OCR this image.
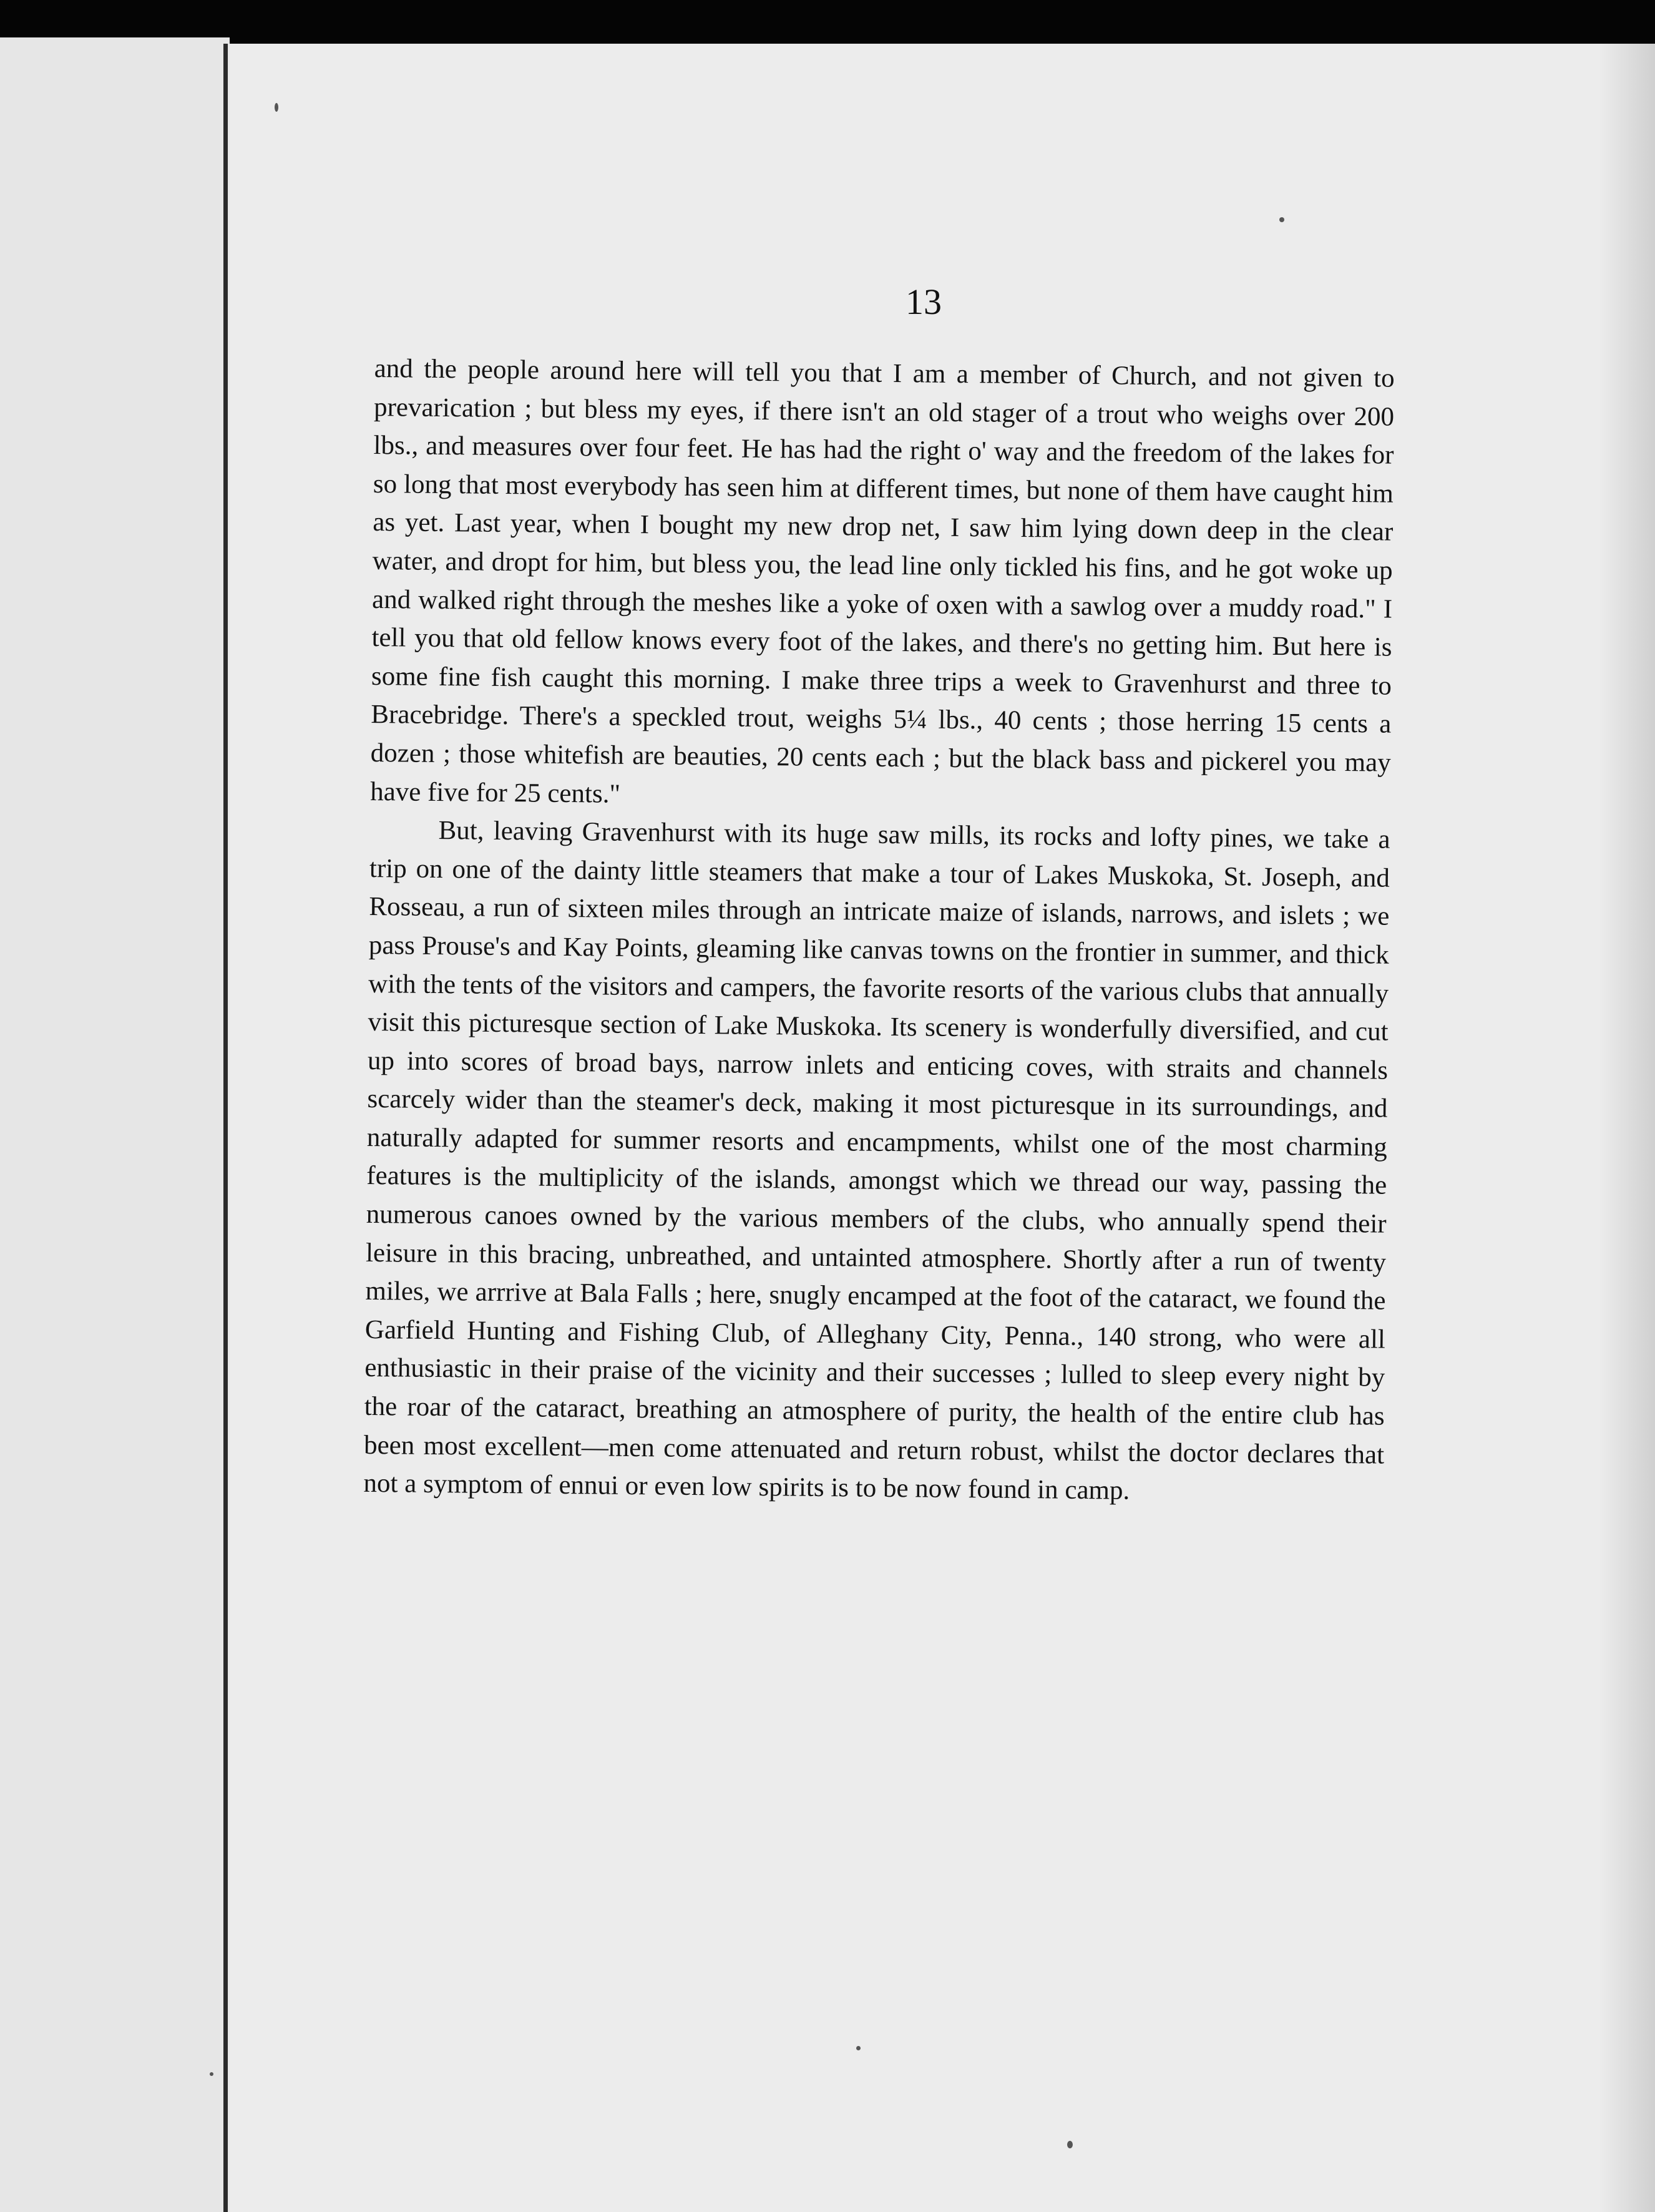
13

and the people around here will tell you that I am a member of Church, and not given to prevarication ; but bless my eyes, if there isn't an old stager of a trout who weighs over 200 lbs., and measures over four feet. He has had the right o' way and the freedom of the lakes for so long that most everybody has seen him at different times, but none of them have caught him as yet. Last year, when I bought my new drop net, I saw him lying down deep in the clear water, and dropt for him, but bless you, the lead line only tickled his fins, and he got woke up and walked right through the meshes like a yoke of oxen with a sawlog over a muddy road." I tell you that old fellow knows every foot of the lakes, and there's no getting him. But here is some fine fish caught this morning. I make three trips a week to Gravenhurst and three to Bracebridge. There's a speckled trout, weighs 5¼ lbs., 40 cents ; those herring 15 cents a dozen ; those whitefish are beauties, 20 cents each ; but the black bass and pickerel you may have five for 25 cents."

But, leaving Gravenhurst with its huge saw mills, its rocks and lofty pines, we take a trip on one of the dainty little steamers that make a tour of Lakes Muskoka, St. Joseph, and Rosseau, a run of sixteen miles through an intricate maize of islands, narrows, and islets ; we pass Prouse's and Kay Points, gleaming like canvas towns on the frontier in summer, and thick with the tents of the visitors and campers, the favorite resorts of the various clubs that annually visit this picturesque section of Lake Muskoka. Its scenery is wonderfully diversified, and cut up into scores of broad bays, narrow inlets and enticing coves, with straits and channels scarcely wider than the steamer's deck, making it most picturesque in its surroundings, and naturally adapted for summer resorts and encampments, whilst one of the most charming features is the multiplicity of the islands, amongst which we thread our way, passing the numerous canoes owned by the various members of the clubs, who annually spend their leisure in this bracing, unbreathed, and untainted atmosphere. Shortly after a run of twenty miles, we arrrive at Bala Falls ; here, snugly encamped at the foot of the cataract, we found the Garfield Hunting and Fishing Club, of Alleghany City, Penna., 140 strong, who were all enthusiastic in their praise of the vicinity and their successes ; lulled to sleep every night by the roar of the cataract, breathing an atmosphere of purity, the health of the entire club has been most excellent—men come attenuated and return robust, whilst the doctor declares that not a symptom of ennui or even low spirits is to be now found in camp.
